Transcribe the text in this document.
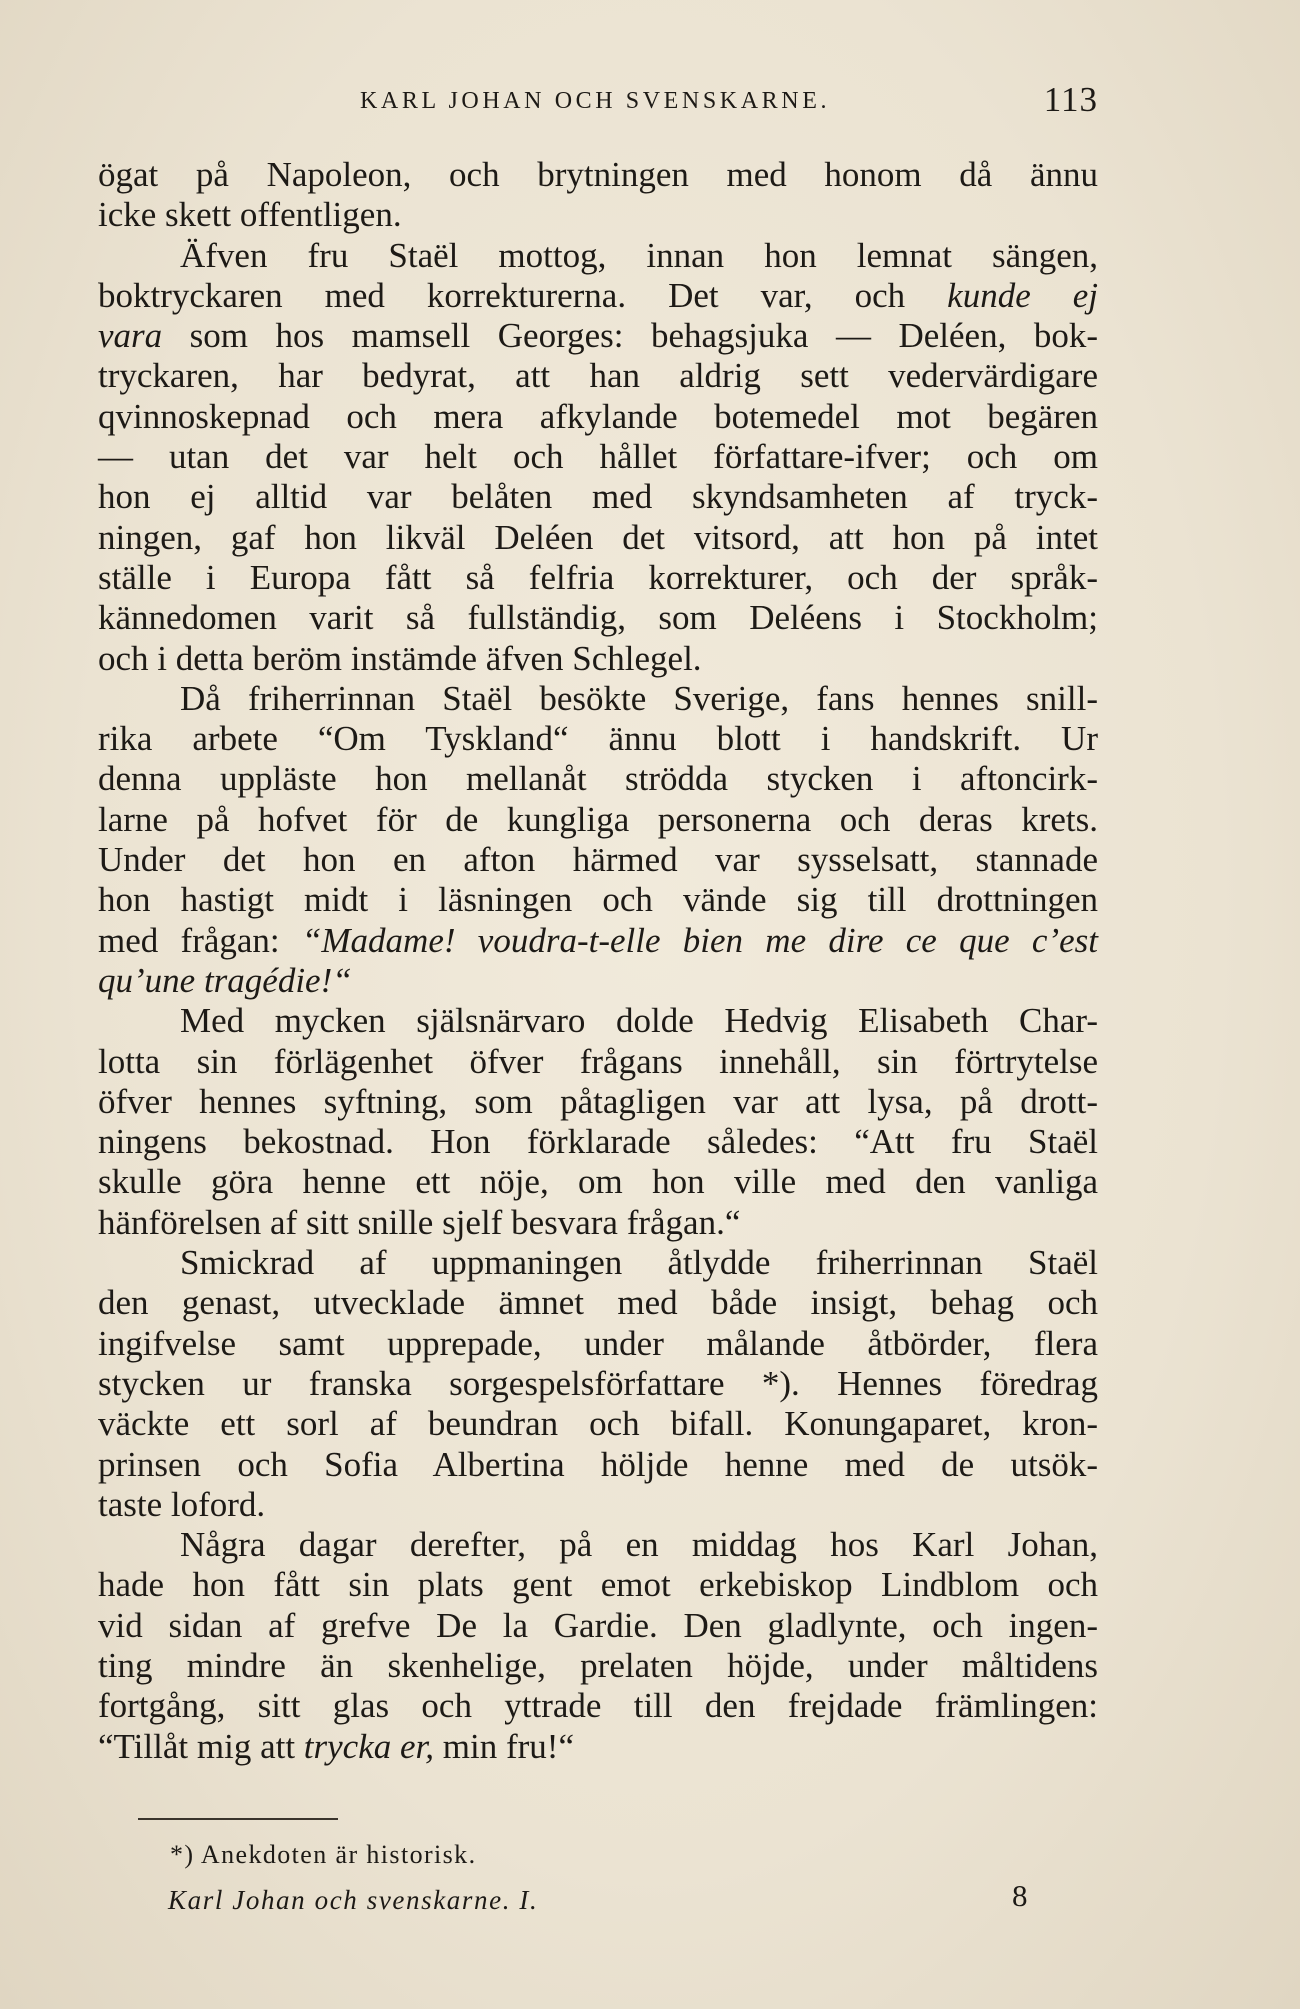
KARL JOHAN OCH SVENSKARNE.	113

ögat på Napoleon, och brytningen med honom då ännu

icke skett offentligen.

Äfven fru Staël mottog, innan hon lemnat sängen,

boktryckaren med korrekturerna. Det var, och kunde ej

vara som hos mamsell Georges: behagsjuka — Deléen, bok-

tryckaren, har bedyrat, att han aldrig sett vedervärdigare

qvinnoskepnad och mera afkylande botemedel mot begären

— utan det var helt och hållet författare-ifver; och om

hon ej alltid var belåten med skyndsamheten af tryck-

ningen, gaf hon likväl Deléen det vitsord, att hon på intet

ställe i Europa fått så felfria korrekturer, och der språk-

kännedomen varit så fullständig, som Deléens i Stockholm;

och i detta beröm instämde äfven Schlegel.

Då friherrinnan Staël besökte Sverige, fans hennes snill-

rika arbete “Om Tyskland“ ännu blott i handskrift. Ur

denna uppläste hon mellanåt strödda stycken i aftoncirk-

larne på hofvet för de kungliga personerna och deras krets.

Under det hon en afton härmed var sysselsatt, stannade

hon hastigt midt i läsningen och vände sig till drottningen

med frågan: “Madame! voudra-t-elle bien me dire ce que c’est

qu’une tragédie!“

Med mycken själsnärvaro dolde Hedvig Elisabeth Char-

lotta sin förlägenhet öfver frågans innehåll, sin förtrytelse

öfver hennes syftning, som påtagligen var att lysa, på drott-

ningens bekostnad. Hon förklarade således: “Att fru Staël

skulle göra henne ett nöje, om hon ville med den vanliga

hänförelsen af sitt snille sjelf besvara frågan.“

Smickrad af uppmaningen åtlydde friherrinnan Staël

den genast, utvecklade ämnet med både insigt, behag och

ingifvelse samt upprepade, under målande åtbörder, flera

stycken ur franska sorgespelsförfattare *). Hennes föredrag

väckte ett sorl af beundran och bifall. Konungaparet, kron-

prinsen och Sofia Albertina höljde henne med de utsök-

taste loford.

Några dagar derefter, på en middag hos Karl Johan,

hade hon fått sin plats gent emot erkebiskop Lindblom och

vid sidan af grefve De la Gardie. Den gladlynte, och ingen-

ting mindre än skenhelige, prelaten höjde, under måltidens

fortgång, sitt glas och yttrade till den frejdade främlingen:

“Tillåt mig att trycka er, min fru!“

*) Anekdoten är historisk.
Karl Johan och svenskarne. I.	8
